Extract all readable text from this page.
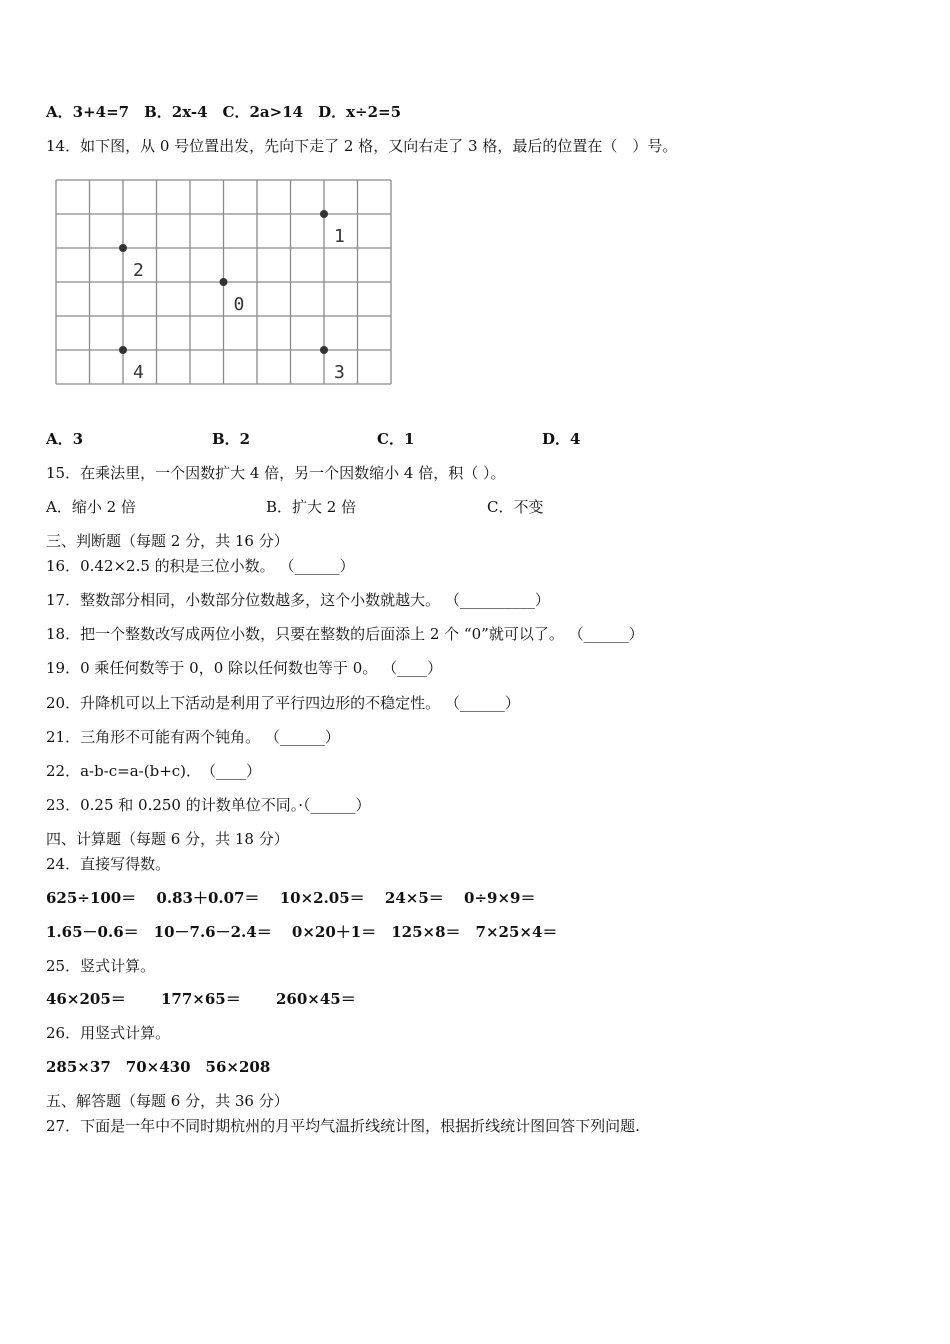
A．3+4=7　B．2x-4　C．2a>14　D．x÷2=5
14．如下图，从 0 号位置出发，先向下走了 2 格，又向右走了 3 格，最后的位置在（　）号。
1
2
0
4	3
A．3	B．2	C．1	D．4
15．在乘法里，一个因数扩大 4 倍，另一个因数缩小 4 倍，积（ ）。
A．缩小 2 倍	B．扩大 2 倍	C．不变
三、判断题（每题 2 分，共 16 分）
16．0.42×2.5 的积是三位小数。 （______）
17．整数部分相同，小数部分位数越多，这个小数就越大。 （__________）
18．把一个整数改写成两位小数，只要在整数的后面添上 2 个 “0”就可以了。 （______）
19．0 乘任何数等于 0，0 除以任何数也等于 0。 （____）
20．升降机可以上下活动是利用了平行四边形的不稳定性。 （______）
21．三角形不可能有两个钝角。 （______）
22．a-b-c=a-(b+c)．　（____）
23．0.25 和 0.250 的计数单位不同。·（______）
四、计算题（每题 6 分，共 18 分）
24．直接写得数。
625÷100＝　 0.83＋0.07＝　 10×2.05＝　 24×5＝　 0÷9×9＝
1.65－0.6＝　10－7.6－2.4＝　 0×20＋1＝　125×8＝　7×25×4＝
25．竖式计算。
46×205＝　　 177×65＝　　 260×45＝
26．用竖式计算。
285×37　70×430　56×208
五、解答题（每题 6 分，共 36 分）
27．下面是一年中不同时期杭州的月平均气温折线统计图，根据折线统计图回答下列问题.
